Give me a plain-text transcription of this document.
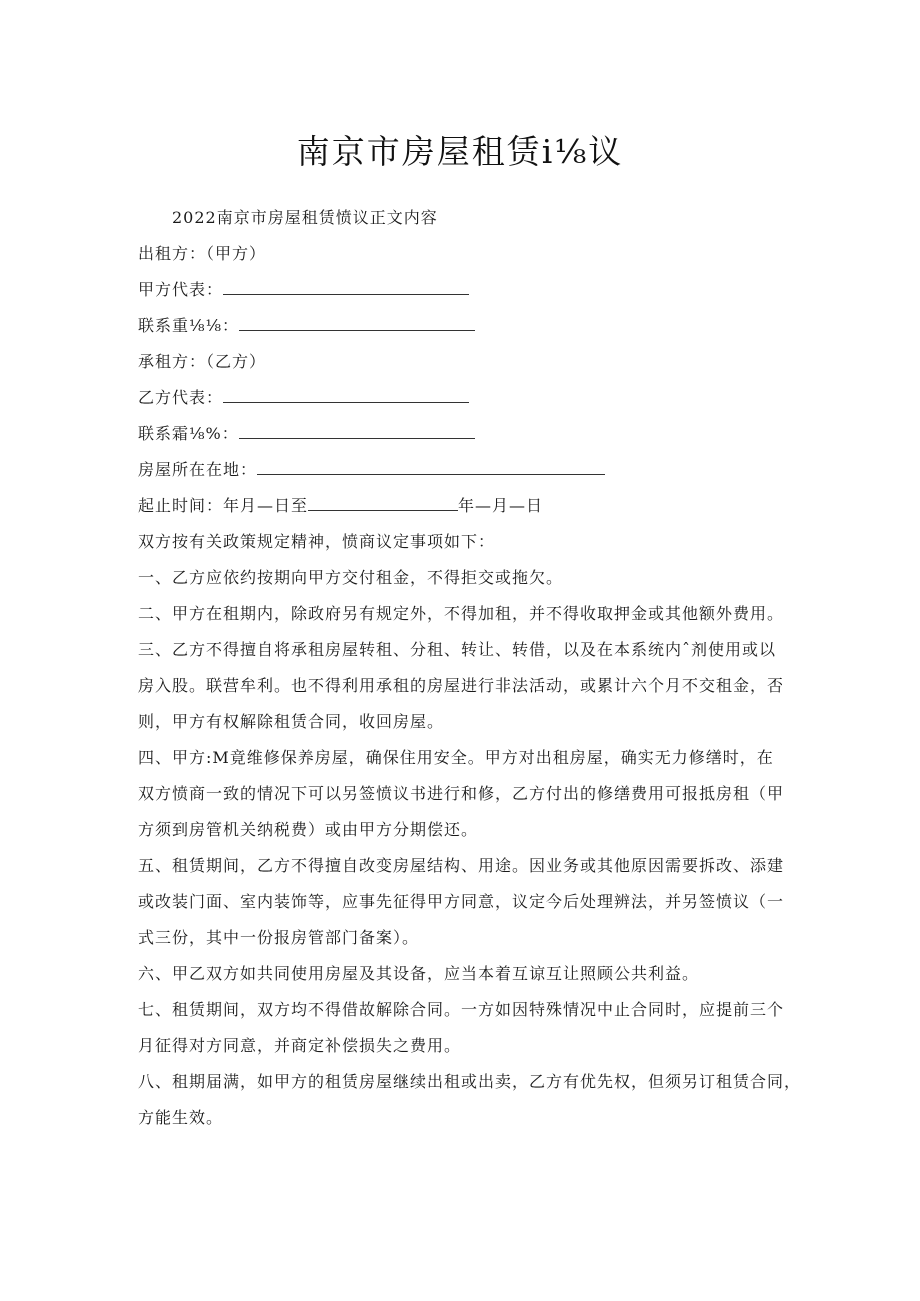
南京市房屋租赁i⅛议
2022南京市房屋租赁愤议正文内容
出租方：（甲方）
甲方代表：
联系重⅛⅛：
承租方：（乙方）
乙方代表：
联系霜⅛%：
房屋所在在地：
起止时间：年月—日至	年—月—日
双方按有关政策规定精神，愤商议定事项如下：
一、乙方应依约按期向甲方交付租金，不得拒交或拖欠。
二、甲方在租期内，除政府另有规定外，不得加租，并不得收取押金或其他额外费用。
三、乙方不得擅自将承租房屋转租、分租、转让、转借，以及在本系统内ˆ剂使用或以
房入股。联营牟利。也不得利用承租的房屋进行非法活动，或累计六个月不交租金，否
则，甲方有权解除租赁合同，收回房屋。
四、甲方:M竟维修保养房屋，确保住用安全。甲方对出租房屋，确实无力修缮时，在
双方愤商一致的情况下可以另签愤议书进行和修，乙方付出的修缮费用可报抵房租（甲
方须到房管机关纳税费）或由甲方分期偿还。
五、租赁期间，乙方不得擅自改变房屋结构、用途。因业务或其他原因需要拆改、添建
或改装门面、室内装饰等，应事先征得甲方同意，议定今后处理辨法，并另签愤议（一
式三份，其中一份报房管部门备案）。
六、甲乙双方如共同使用房屋及其设备，应当本着互谅互让照顾公共利益。
七、租赁期间，双方均不得借故解除合同。一方如因特殊情况中止合同时，应提前三个
月征得对方同意，并商定补偿损失之费用。
八、租期届满，如甲方的租赁房屋继续出租或出卖，乙方有优先权，但须另订租赁合同，
方能生效。
